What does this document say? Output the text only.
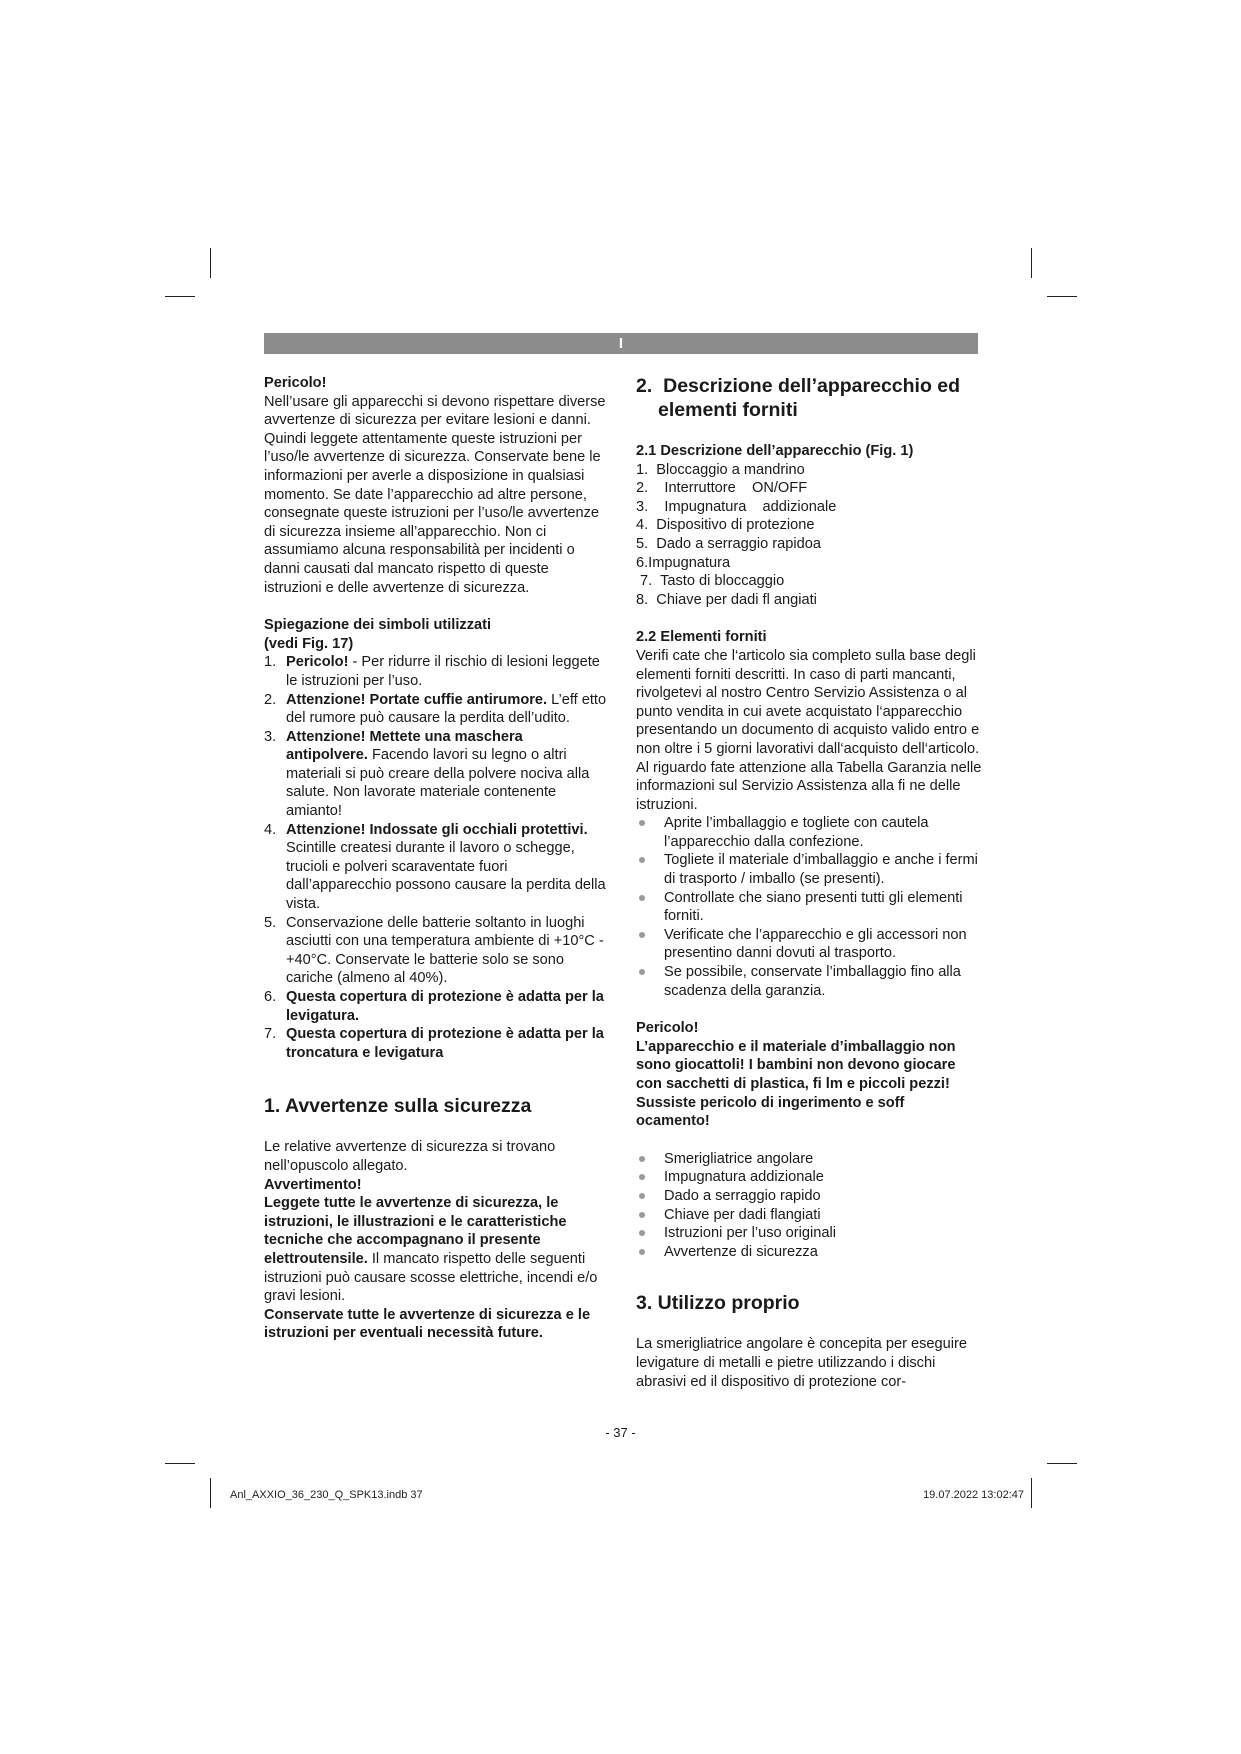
I

Pericolo!

Nell’usare gli apparecchi si devono rispettare diverse avvertenze di sicurezza per evitare lesioni e danni. Quindi leggete attentamente queste istruzioni per l’uso/le avvertenze di sicurezza. Conservate bene le informazioni per averle a disposizione in qualsiasi momento. Se date l’apparecchio ad altre persone, consegnate queste istruzioni per l’uso/le avvertenze di sicurezza insieme all’apparecchio. Non ci assumiamo alcuna responsabilità per incidenti o danni causati dal mancato rispetto di queste istruzioni e delle avvertenze di sicurezza.

Spiegazione dei simboli utilizzati

(vedi Fig. 17)

1. Pericolo! - Per ridurre il rischio di lesioni leggete le istruzioni per l’uso.

2. Attenzione! Portate cuffie antirumore. L’eff etto del rumore può causare la perdita dell’udito.

3. Attenzione! Mettete una maschera antipolvere. Facendo lavori su legno o altri materiali si può creare della polvere nociva alla salute. Non lavorate materiale contenente amianto!

4. Attenzione! Indossate gli occhiali protettivi. Scintille createsi durante il lavoro o schegge, trucioli e polveri scaraventate fuori dall’apparecchio possono causare la perdita della vista.

5. Conservazione delle batterie soltanto in luoghi asciutti con una temperatura ambiente di +10°C - +40°C. Conservate le batterie solo se sono cariche (almeno al 40%).

6. Questa copertura di protezione è adatta per la levigatura.

7. Questa copertura di protezione è adatta per la troncatura e levigatura

1. Avvertenze sulla sicurezza

Le relative avvertenze di sicurezza si trovano nell’opuscolo allegato.

Avvertimento!

Leggete tutte le avvertenze di sicurezza, le istruzioni, le illustrazioni e le caratteristiche tecniche che accompagnano il presente elettroutensile. Il mancato rispetto delle seguenti istruzioni può causare scosse elettriche, incendi e/o gravi lesioni.

Conservate tutte le avvertenze di sicurezza e le istruzioni per eventuali necessità future.

2. Descrizione dell’apparecchio ed
elementi forniti

2.1 Descrizione dell’apparecchio (Fig. 1)

1.  Bloccaggio a mandrino

2.    Interruttore    ON/OFF

3.    Impugnatura    addizionale

4.  Dispositivo di protezione

5.  Dado a serraggio rapidoa

6.Impugnatura

7.  Tasto di bloccaggio

8.  Chiave per dadi fl angiati

2.2 Elementi forniti

Verifi cate che l‘articolo sia completo sulla base degli elementi forniti descritti. In caso di parti mancanti, rivolgetevi al nostro Centro Servizio Assistenza o al punto vendita in cui avete acquistato l‘apparecchio presentando un documento di acquisto valido entro e non oltre i 5 giorni lavorativi dall‘acquisto dell‘articolo. Al riguardo fate attenzione alla Tabella Garanzia nelle informazioni sul Servizio Assistenza alla fi ne delle istruzioni.

Aprite l’imballaggio e togliete con cautela l’apparecchio dalla confezione.

Togliete il materiale d’imballaggio e anche i fermi di trasporto / imballo (se presenti).

Controllate che siano presenti tutti gli elementi forniti.

Verificate che l’apparecchio e gli accessori non presentino danni dovuti al trasporto.

Se possibile, conservate l’imballaggio fino alla scadenza della garanzia.

Pericolo!

L’apparecchio e il materiale d’imballaggio non sono giocattoli! I bambini non devono giocare con sacchetti di plastica, fi lm e piccoli pezzi! Sussiste pericolo di ingerimento e soff ocamento!

Smerigliatrice angolare

Impugnatura addizionale

Dado a serraggio rapido

Chiave per dadi flangiati

Istruzioni per l’uso originali

Avvertenze di sicurezza

3. Utilizzo proprio

La smerigliatrice angolare è concepita per eseguire levigature di metalli e pietre utilizzando i dischi abrasivi ed il dispositivo di protezione cor-

- 37 -
Anl_AXXIO_36_230_Q_SPK13.indb 37	19.07.2022 13:02:47
